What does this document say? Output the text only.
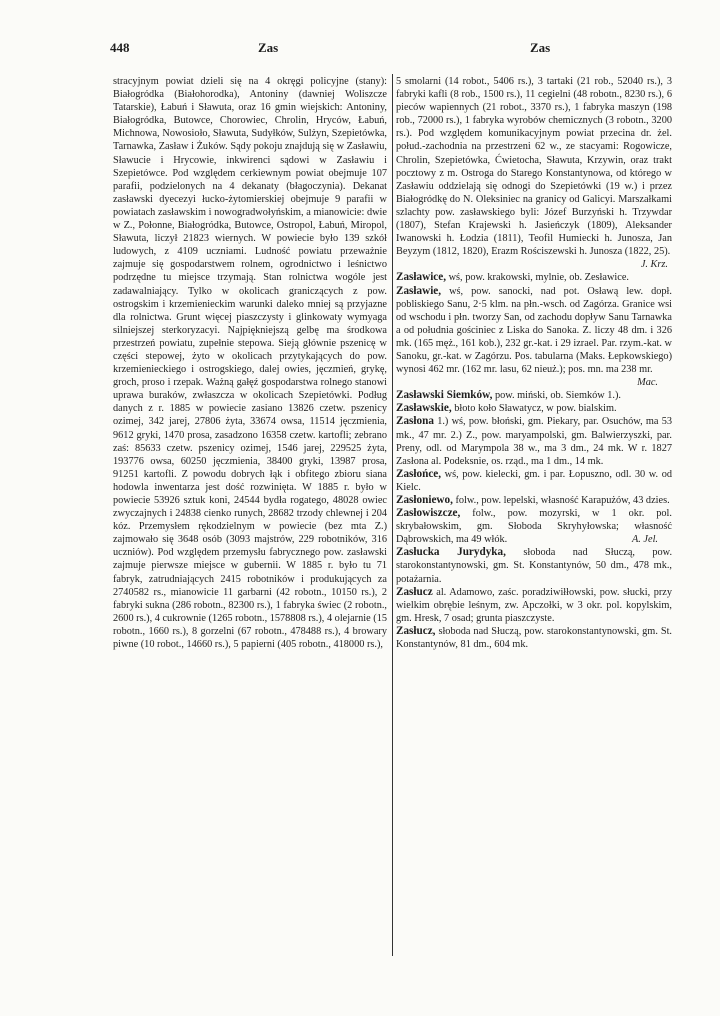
448	Zas	Zas

stracyjnym powiat dzieli się na 4 okręgi policyjne (stany): Białogródka (Białohorodka), Antoniny (dawniej Woliszcze Tatarskie), Łabuń i Sławuta, oraz 16 gmin wiejskich: Antoniny, Białogródka, Butowce, Chorowiec, Chrolin, Hryców, Łabuń, Michnowa, Nowosioło, Sławuta, Sudyłków, Sulżyn, Szepietówka, Tarnawka, Zasław i Żuków. Sądy pokoju znajdują się w Zasławiu, Sławucie i Hrycowie, inkwirenci sądowi w Zasławiu i Szepietówce. Pod względem cerkiewnym powiat obejmuje 107 parafii, podzielonych na 4 dekanaty (błagoczynia). Dekanat zasławski dyecezyi łucko-żytomierskiej obejmuje 9 parafii w powiatach zasławskim i nowogradwołyńskim, a mianowicie: dwie w Z., Połonne, Białogródka, Butowce, Ostropol, Łabuń, Miropol, Sławuta, liczył 21823 wiernych. W powiecie było 139 szkół ludowych, z 4109 uczniami. Ludność powiatu przeważnie zajmuje się gospodarstwem rolnem, ogrodnictwo i leśnictwo podrzędne tu miejsce trzymają. Stan rolnictwa wogóle jest zadawalniający. Tylko w okolicach graniczących z pow. ostrogskim i krzemienieckim warunki daleko mniej są przyjazne dla rolnictwa. Grunt więcej piaszczysty i glinkowaty wymyaga silniejszej sterkoryzacyi. Najpiękniejszą gelbę ma środkowa przestrzeń powiatu, zupełnie stepowa. Sieją głównie pszenicę w części stepowej, żyto w okolicach przytykających do pow. krzemienieckiego i ostrogskiego, dalej owies, jęczmień, grykę, groch, proso i rzepak. Ważną gałęź gospodarstwa rolnego stanowi uprawa buraków, zwłaszcza w okolicach Szepietówki. Podług danych z r. 1885 w powiecie zasiano 13826 czetw. pszenicy ozimej, 342 jarej, 27806 żyta, 33674 owsa, 11514 jęczmienia, 9612 gryki, 1470 prosa, zasadzono 16358 czetw. kartofli; zebrano zaś: 85633 czetw. pszenicy ozimej, 1546 jarej, 229525 żyta, 193776 owsa, 60250 jęczmienia, 38400 gryki, 13987 prosa, 91251 kartofli. Z powodu dobrych łąk i obfitego zbioru siana hodowla inwentarza jest dość rozwinięta. W 1885 r. było w powiecie 53926 sztuk koni, 24544 bydła rogatego, 48028 owiec zwyczajnych i 24838 cienko runych, 28682 trzody chlewnej i 204 kóz. Przemysłem rękodzielnym w powiecie (bez mta Z.) zajmowało się 3648 osób (3093 majstrów, 229 robotników, 316 uczniów). Pod względem przemysłu fabrycznego pow. zasławski zajmuje pierwsze miejsce w gubernii. W 1885 r. było tu 71 fabryk, zatrudniających 2415 robotników i produkujących za 2740582 rs., mianowicie 11 garbarni (42 robotn., 10150 rs.), 2 fabryki sukna (286 robotn., 82300 rs.), 1 fabryka świec (2 robotn., 2600 rs.), 4 cukrownie (1265 robotn., 1578808 rs.), 4 olejarnie (15 robotn., 1660 rs.), 8 gorzelni (67 robotn., 478488 rs.), 4 browary piwne (10 robot., 14660 rs.), 5 papierni (405 robotn., 418000 rs.),

5 smolarni (14 robot., 5406 rs.), 3 tartaki (21 rob., 52040 rs.), 3 fabryki kafli (8 rob., 1500 rs.), 11 cegielni (48 robotn., 8230 rs.), 6 pieców wapiennych (21 robot., 3370 rs.), 1 fabryka maszyn (198 rob., 72000 rs.), 1 fabryka wyrobów chemicznych (3 robotn., 3200 rs.). Pod względem komunikacyjnym powiat przecina dr. żel. połud.-zachodnia na przestrzeni 62 w., ze stacyami: Rogowicze, Chrolin, Szepietówka, Ćwietocha, Sławuta, Krzywin, oraz trakt pocztowy z m. Ostroga do Starego Konstantynowa, od którego w Zasławiu oddzielają się odnogi do Szepietówki (19 w.) i przez Białogródkę do N. Oleksiniec na granicy od Galicyi. Marszałkami szlachty pow. zasławskiego byli: Józef Burzyński h. Trzywdar (1807), Stefan Krajewski h. Jasieńczyk (1809), Aleksander Iwanowski h. Łodzia (1811), Teofil Humiecki h. Junosza, Jan Beyzym (1812, 1820), Erazm Rościszewski h. Junosza (1822, 25).
J. Krz.

Zasławice, wś, pow. krakowski, mylnie, ob. Zesławice.

Zasławie, wś, pow. sanocki, nad pot. Osławą lew. dopł. pobliskiego Sanu, 2·5 klm. na płn.-wsch. od Zagórza. Granice wsi od wschodu i płn. tworzy San, od zachodu dopływ Sanu Tarnawka a od południa gościniec z Liska do Sanoka. Z. liczy 48 dm. i 326 mk. (165 męż., 161 kob.), 232 gr.-kat. i 29 izrael. Par. rzym.-kat. w Sanoku, gr.-kat. w Zagórzu. Pos. tabularna (Maks. Łepkowskiego) wynosi 462 mr. (162 mr. lasu, 62 nieuż.); pos. mn. ma 238 mr.
Mac.

Zasławski Siemków, pow. miński, ob. Siemków 1.).

Zasławskie, błoto koło Sławatycz, w pow. bialskim.

Zasłona 1.) wś, pow. błoński, gm. Piekary, par. Osuchów, ma 53 mk., 47 mr. 2.) Z., pow. maryampolski, gm. Balwierzyszki, par. Preny, odl. od Marympola 38 w., ma 3 dm., 24 mk. W r. 1827 Zasłona al. Podeksnie, os. rząd., ma 1 dm., 14 mk.

Zasłońce, wś, pow. kielecki, gm. i par. Łopuszno, odl. 30 w. od Kielc.

Zasłoniewo, folw., pow. lepelski, własność Karapużów, 43 dzies.

Zasłowiszcze, folw., pow. mozyrski, w 1 okr. pol. skrybałowskim, gm. Słoboda Skryhyłowska; własność Dąbrowskich, ma 49 włók.	A. Jel.

Zasłucka Jurydyka, słoboda nad Słuczą, pow. starokonstantynowski, gm. St. Konstantynów, 50 dm., 478 mk., potażarnia.

Zasłucz al. Adamowo, zaśc. poradziwiłłowski, pow. słucki, przy wielkim obrębie leśnym, zw. Apczołki, w 3 okr. pol. kopylskim, gm. Hresk, 7 osad; grunta piaszczyste.

Zasłucz, słoboda nad Słuczą, pow. starokonstantynowski, gm. St. Konstantynów, 81 dm., 604 mk.
